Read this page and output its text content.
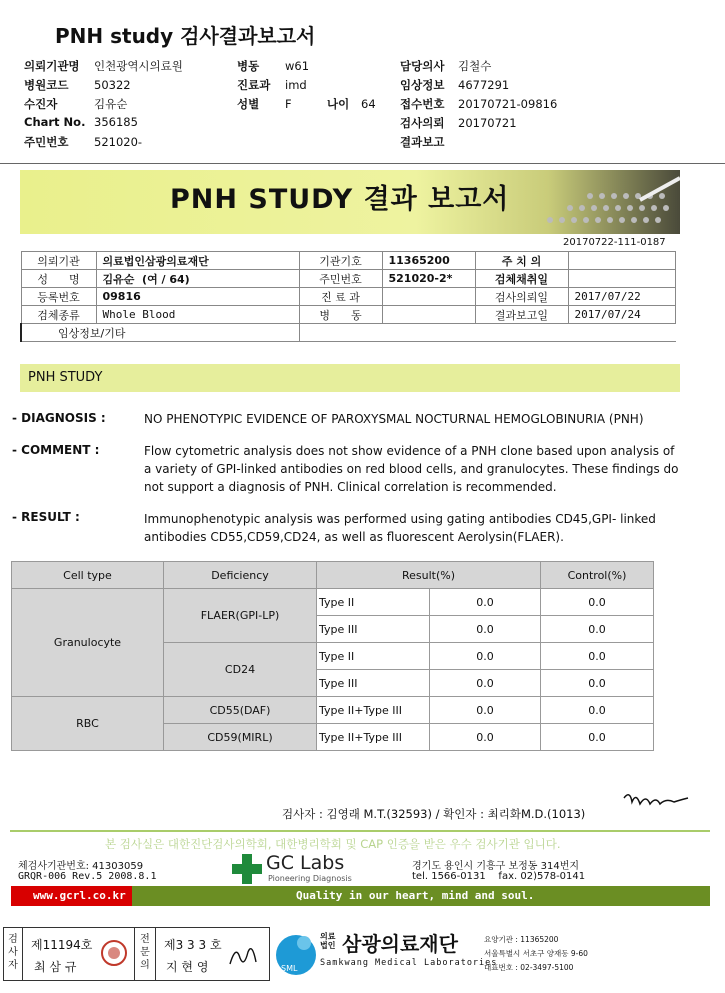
PNH study 검사결과보고서
의뢰기관명 인천광역시의료원
병원코드 50322
수진자	김유순
Chart No. 356185
주민번호 521020-
병동 w61
진료과 imd
성별 F	나이 64
담당의사 김철수
임상정보 4677291
접수번호 20170721-09816
검사의뢰 20170721
결과보고
PNH STUDY 결과 보고서
20170722-111-0187
의뢰기관	의료법인삼광의료재단	기관기호	11365200	주 치 의	
성      명	김유순  (여 / 64)	주민번호	521020-2*	검체채취일	
등록번호	09816	진 료 과		검사의뢰일	2017/07/22
검체종류	Whole Blood	병      동		결과보고일	2017/07/24
임상정보/기타					
PNH STUDY
- DIAGNOSIS :	NO PHENOTYPIC EVIDENCE OF PAROXYSMAL NOCTURNAL HEMOGLOBINURIA (PNH)
- COMMENT :	Flow cytometric analysis does not show evidence of a PNH clone based upon analysis of
a variety of GPI-linked antibodies on red blood cells, and granulocytes. These findings do
not support a diagnosis of PNH. Clinical correlation is recommended.
- RESULT :	Immunophenotypic analysis was performed using gating antibodies CD45,GPI- linked
antibodies CD55,CD59,CD24, as well as fluorescent Aerolysin(FLAER).
Cell type	Deficiency	Result(%)		Control(%)
Granulocyte	FLAER(GPI-LP)	Type II	0.0	0.0
		Type III	0.0	0.0
	CD24	Type II	0.0	0.0
		Type III	0.0	0.0
RBC	CD55(DAF)	Type II+Type III	0.0	0.0
	CD59(MIRL)	Type II+Type III	0.0	0.0
검사자 : 김영래 M.T.(32593) / 확인자 : 최리화M.D.(1013)
본 검사실은 대한진단검사의학회, 대한병리학회 및 CAP 인증을 받은 우수 검사기관 입니다.
체검사기관번호: 41303059
GRQR-006 Rev.5 2008.8.1
GC Labs
Pioneering Diagnosis
경기도 용인시 기흥구 보정동 314번지
tel. 1566-0131    fax. 02)578-0141
www.gcrl.co.kr	Quality in our heart, mind and soul.
검사자
제11194호
최 삼 규
전문의
제3 3 3 호
지 현 영	SML
의료법인 삼광의료재단
Samkwang Medical Laboratories
요양기관 : 11365200
서울특별시 서초구 양재동 9-60
대표번호 : 02-3497-5100
